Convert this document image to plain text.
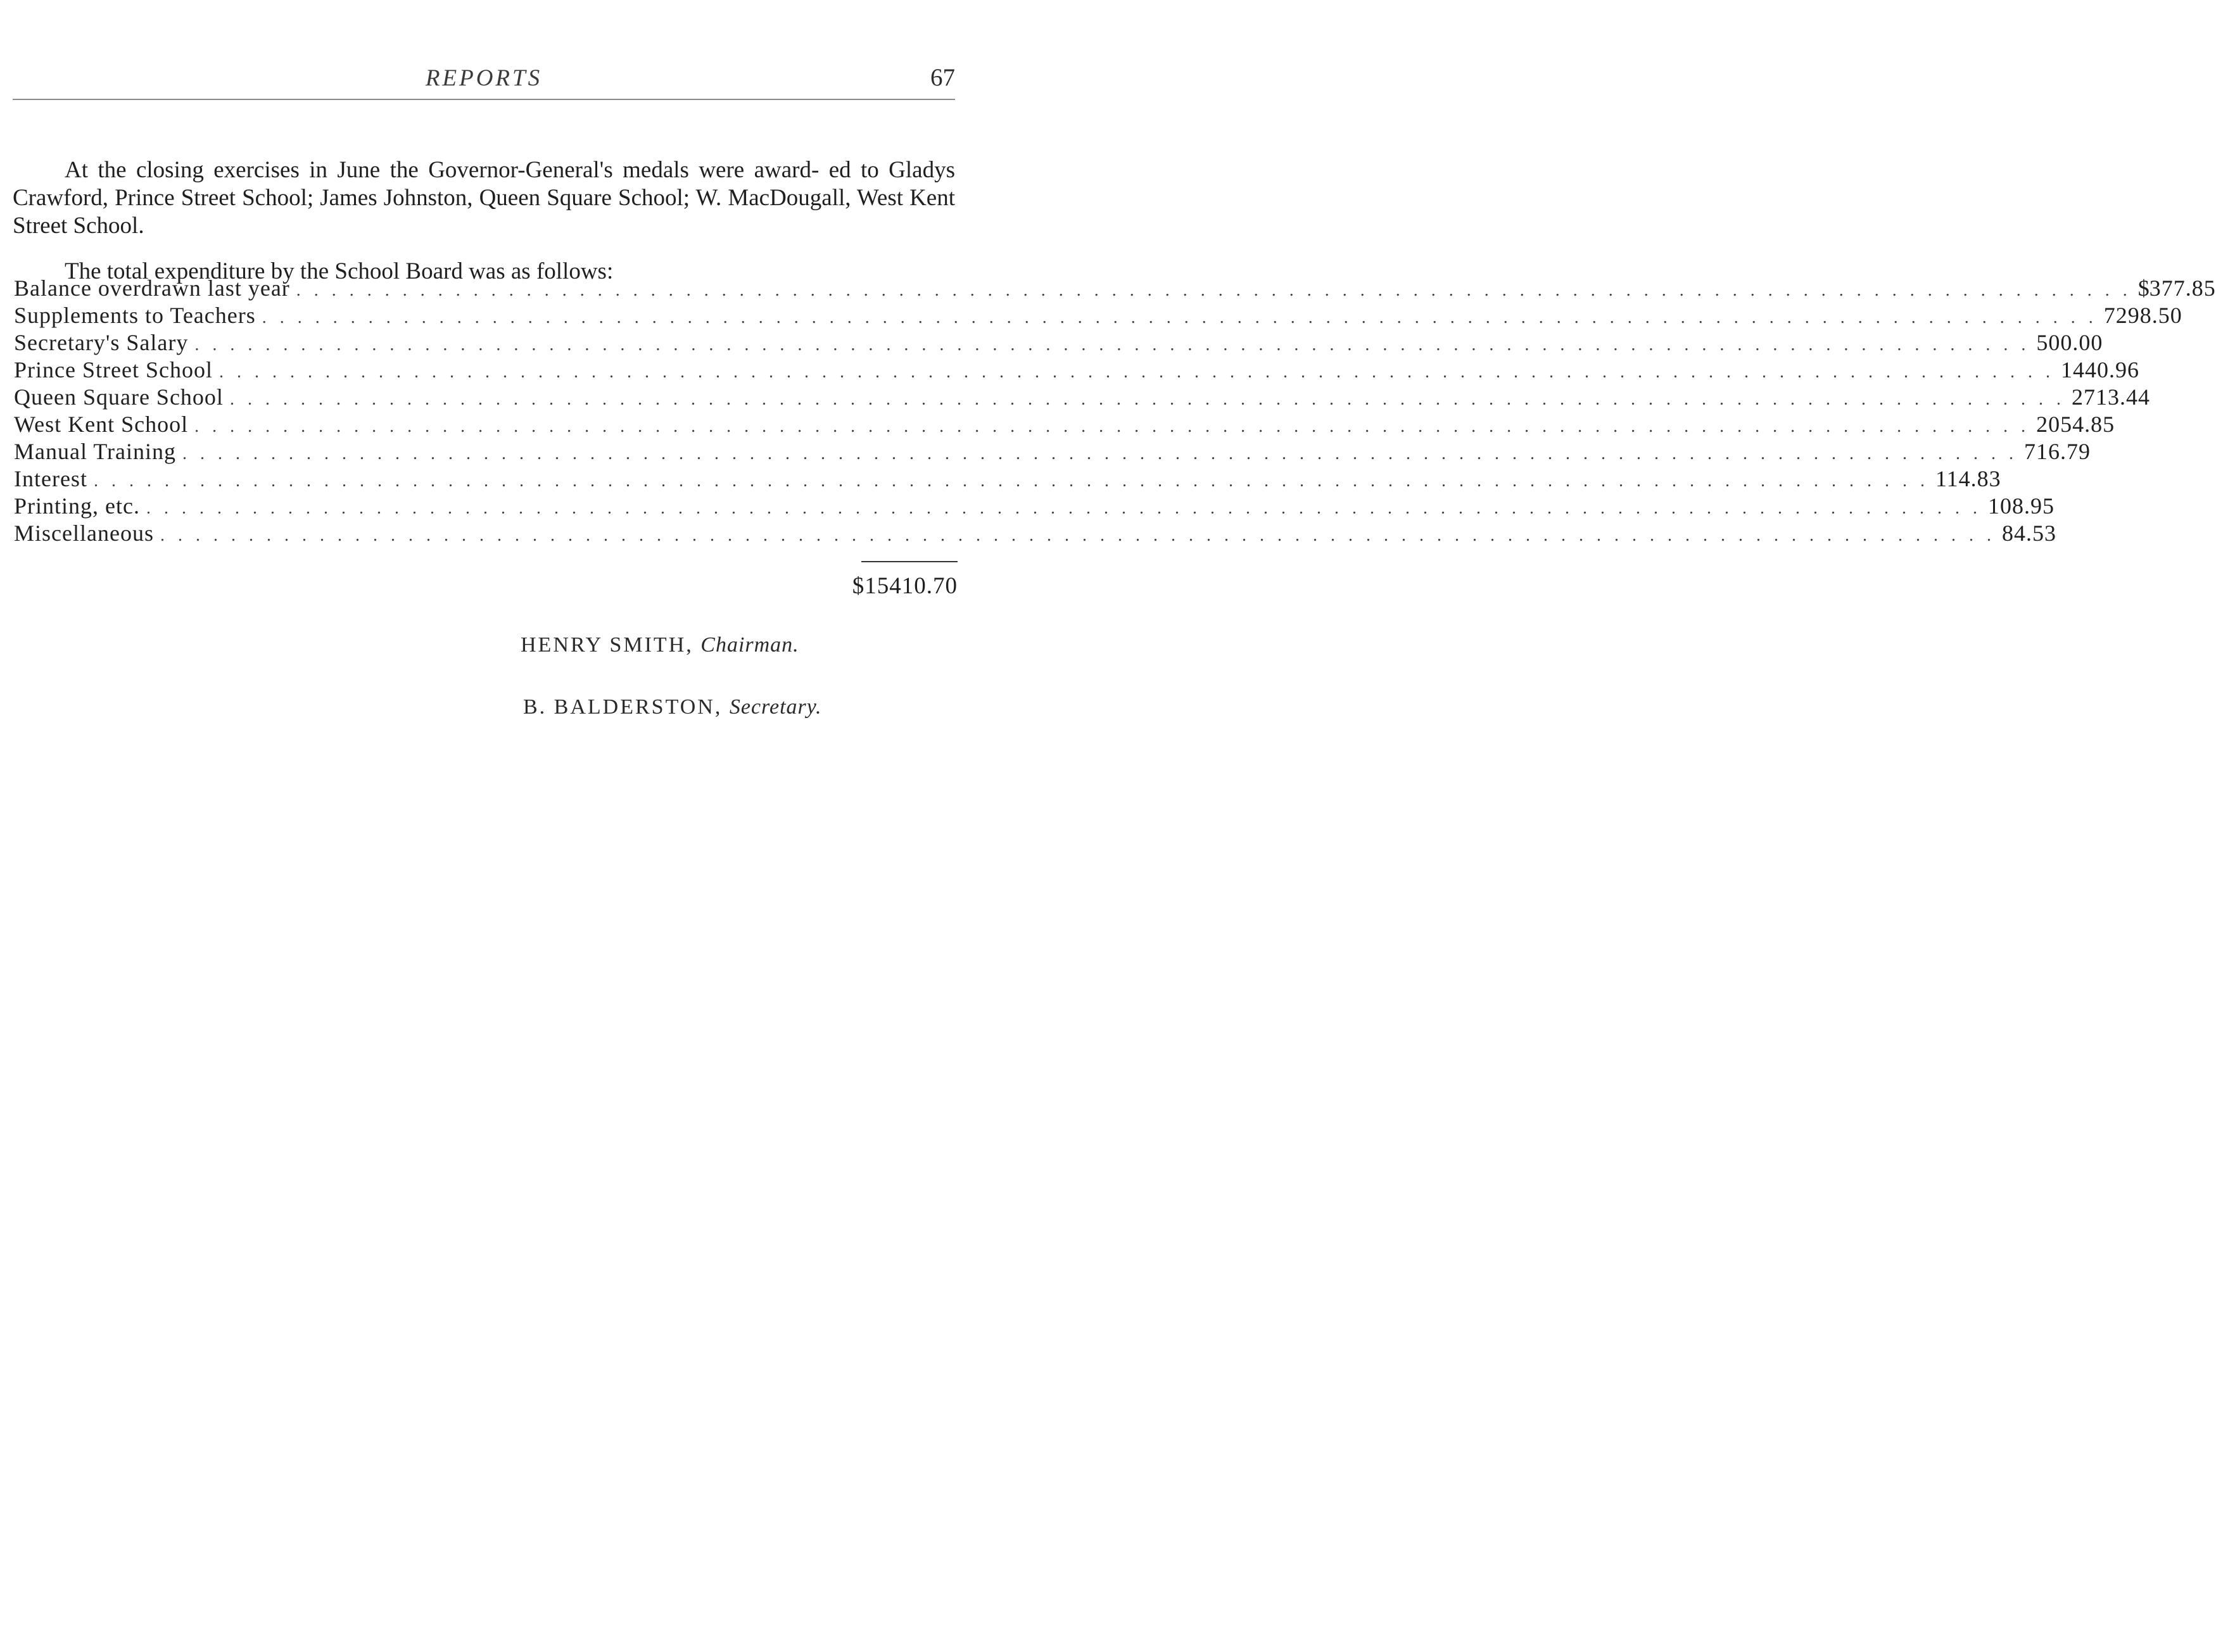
REPORTS	67

At the closing exercises in June the Governor-General's medals were award- ed to Gladys Crawford, Prince Street School; James Johnston, Queen Square School; W. MacDougall, West Kent Street School.

The total expenditure by the School Board was as follows:

Balance overdrawn last year . . . . . . . . . . . . . . . . . . . . . . . . . . . . . . . . . . . . . . . . . . . . . . . . . . . . . . . . . . . . . . . . . . . . . . . . . . . . . . . . . . . . . . . . . . . . . . . . . . . . . . . . $ 377.85
Supplements to Teachers . . . . . . . . . . . . . . . . . . . . . . . . . . . . . . . . . . . . . . . . . . . . . . . . . . . . . . . . . . . . . . . . . . . . . . . . . . . . . . . . . . . . . . . . . . . . . . . . . . . . . . . . 7298.50
Secretary's Salary . . . . . . . . . . . . . . . . . . . . . . . . . . . . . . . . . . . . . . . . . . . . . . . . . . . . . . . . . . . . . . . . . . . . . . . . . . . . . . . . . . . . . . . . . . . . . . . . . . . . . . . . 500.00
Prince Street School . . . . . . . . . . . . . . . . . . . . . . . . . . . . . . . . . . . . . . . . . . . . . . . . . . . . . . . . . . . . . . . . . . . . . . . . . . . . . . . . . . . . . . . . . . . . . . . . . . . . . . . . 1440.96
Queen Square School . . . . . . . . . . . . . . . . . . . . . . . . . . . . . . . . . . . . . . . . . . . . . . . . . . . . . . . . . . . . . . . . . . . . . . . . . . . . . . . . . . . . . . . . . . . . . . . . . . . . . . . . 2713.44
West Kent School . . . . . . . . . . . . . . . . . . . . . . . . . . . . . . . . . . . . . . . . . . . . . . . . . . . . . . . . . . . . . . . . . . . . . . . . . . . . . . . . . . . . . . . . . . . . . . . . . . . . . . . . 2054.85
Manual Training . . . . . . . . . . . . . . . . . . . . . . . . . . . . . . . . . . . . . . . . . . . . . . . . . . . . . . . . . . . . . . . . . . . . . . . . . . . . . . . . . . . . . . . . . . . . . . . . . . . . . . . . 716.79
Interest . . . . . . . . . . . . . . . . . . . . . . . . . . . . . . . . . . . . . . . . . . . . . . . . . . . . . . . . . . . . . . . . . . . . . . . . . . . . . . . . . . . . . . . . . . . . . . . . . . . . . . . . 114.83
Printing, etc. . . . . . . . . . . . . . . . . . . . . . . . . . . . . . . . . . . . . . . . . . . . . . . . . . . . . . . . . . . . . . . . . . . . . . . . . . . . . . . . . . . . . . . . . . . . . . . . . . . . . . . . . 108.95
Miscellaneous . . . . . . . . . . . . . . . . . . . . . . . . . . . . . . . . . . . . . . . . . . . . . . . . . . . . . . . . . . . . . . . . . . . . . . . . . . . . . . . . . . . . . . . . . . . . . . . . . . . . . . . . 84.53
$15410.70
HENRY SMITH, Chairman.
B. BALDERSTON, Secretary.
